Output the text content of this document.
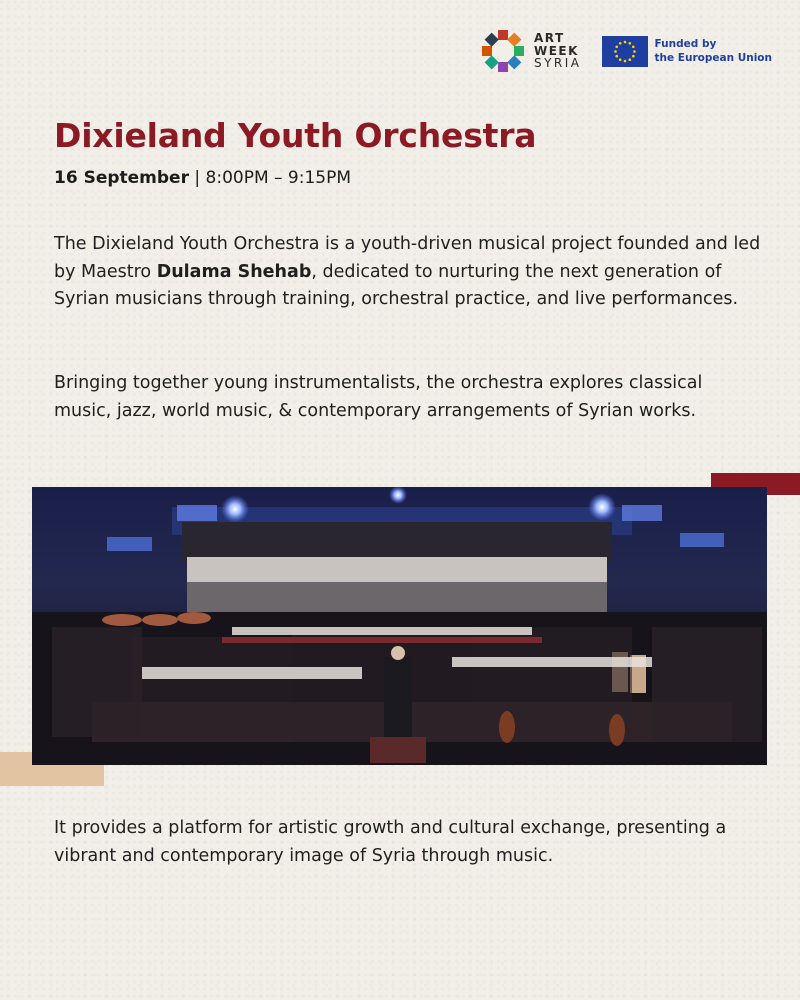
ART
WEEK
SYRIA
Funded by
the European Union
Dixieland Youth Orchestra
16 September | 8:00PM – 9:15PM

The Dixieland Youth Orchestra is a youth-driven musical project founded and led by Maestro Dulama Shehab, dedicated to nurturing the next generation of Syrian musicians through training, orchestral practice, and live performances.

Bringing together young instrumentalists, the orchestra explores classical music, jazz, world music, & contemporary arrangements of Syrian works.

It provides a platform for artistic growth and cultural exchange, presenting a vibrant and contemporary image of Syria through music.
